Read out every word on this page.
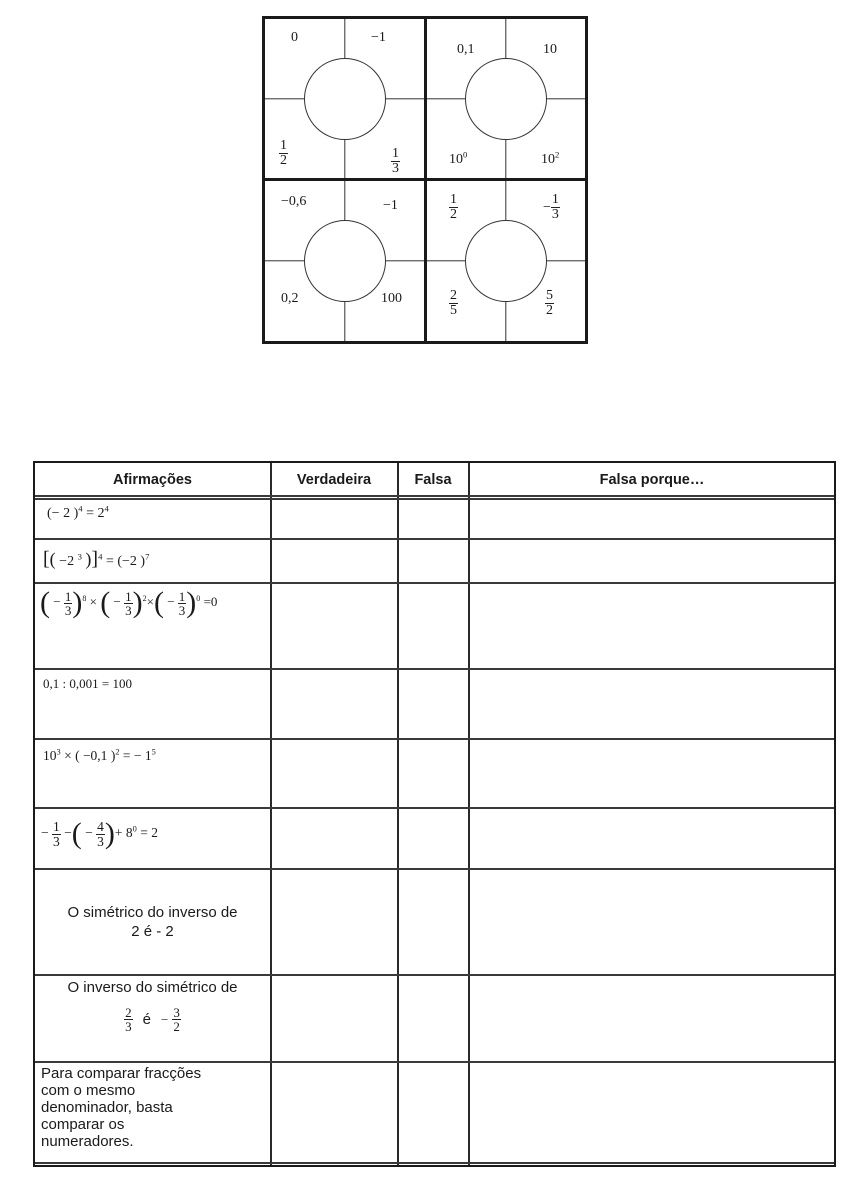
0	−1
$\frac{1}{2}$	$\frac{1}{3}$
0,1	10
$10^0$	$10^2$
−0,6	−1
0,2	100
$\frac{1}{2}$	− $\frac{1}{3}$
$\frac{2}{5}$	$\frac{5}{2}$
Afirmações	Verdadeira	Falsa	Falsa porque…
(− 2 )$^4 = 2^4$
[( −2 $^3$ )]$^4$ = (−2 )$^7$
( − $\frac{1}{3} )^8$ × ( − $\frac{1}{3} )^2\times( - \frac{1}{3} )^0 =0$
0,1 : 0,001 = 100
$10^3$ × ( −0,1 )$^2$ = − $1^5$
− $\frac{1}{3}$ −( − $\frac{4}{3}$ )+ $8^0 = 2$
O simétrico do inverso de
2 é - 2
O inverso do simétrico de
$\frac{2}{3}$ é − $\frac{3}{2}$
Para comparar fracções
com o mesmo
denominador, basta
comparar os
numeradores.
